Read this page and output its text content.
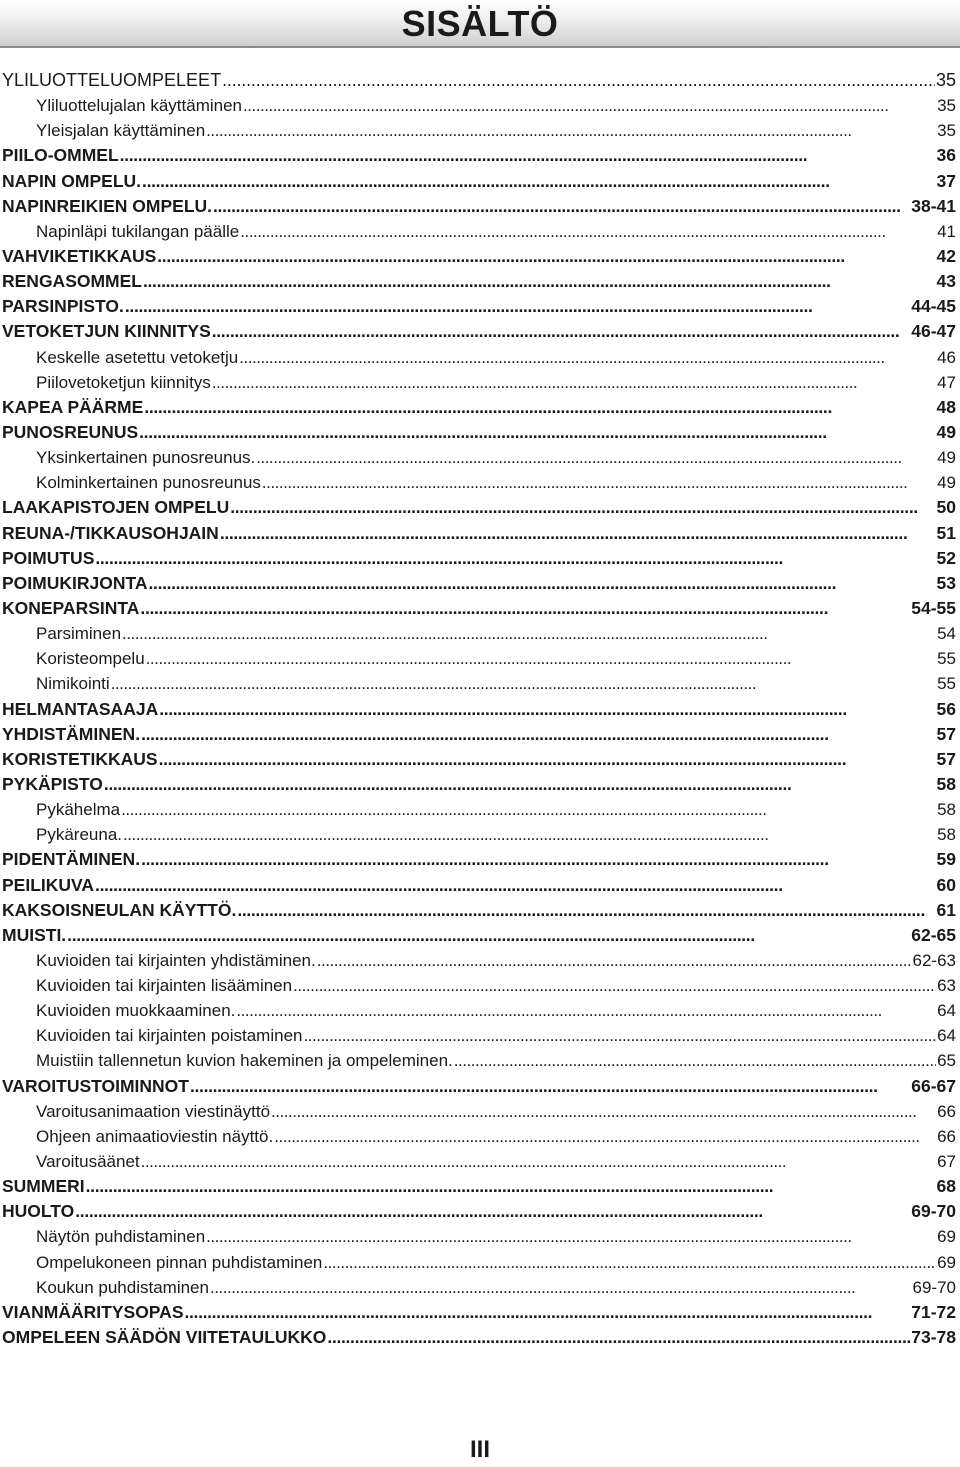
SISÄLTÖ
YLILUOTTELUOMPELEET . . .	35
Yliluottelujalan käyttäminen . . .	35
Yleisjalan käyttäminen . . .	35
PIILO-OMMEL . . .	36
NAPIN OMPELU. . . .	37
NAPINREIKIEN OMPELU. . . .	38-41
Napinläpi tukilangan päälle . . .	41
VAHVIKETIKKAUS . . .	42
RENGASOMMEL . . .	43
PARSINPISTO. . . .	44-45
VETOKETJUN KIINNITYS . . .	46-47
Keskelle asetettu vetoketju . . .	46
Piilovetoketjun kiinnitys . . .	47
KAPEA PÄÄRME . . .	48
PUNOSREUNUS . . .	49
Yksinkertainen punosreunus. . . .	49
Kolminkertainen punosreunus . . .	49
LAAKAPISTOJEN OMPELU . . .	50
REUNA-/TIKKAUSOHJAIN . . .	51
POIMUTUS . . .	52
POIMUKIRJONTA . . .	53
KONEPARSINTA . . .	54-55
Parsiminen . . .	54
Koristeompelu . . .	55
Nimikointi . . .	55
HELMANTASAAJA . . .	56
YHDISTÄMINEN. . . .	57
KORISTETIKKAUS . . .	57
PYKÄPISTO . . .	58
Pykähelma . . .	58
Pykäreuna. . . .	58
PIDENTÄMINEN. . . .	59
PEILIKUVA . . .	60
KAKSOISNEULAN KÄYTTÖ. . . .	61
MUISTI. . . .	62-65
Kuvioiden tai kirjainten yhdistäminen. . . .	62-63
Kuvioiden tai kirjainten lisääminen . . .	63
Kuvioiden muokkaaminen. . . .	64
Kuvioiden tai kirjainten poistaminen . . .	64
Muistiin tallennetun kuvion hakeminen ja ompeleminen. . . .	65
VAROITUSTOIMINNOT . . .	66-67
Varoitusanimaation viestinäyttö . . .	66
Ohjeen animaatioviestin näyttö. . . .	66
Varoitusäänet . . .	67
SUMMERI . . .	68
HUOLTO . . .	69-70
Näytön puhdistaminen . . .	69
Ompelukoneen pinnan puhdistaminen . . .	69
Koukun puhdistaminen . . .	69-70
VIANMÄÄRITYSOPAS . . .	71-72
OMPELEEN SÄÄDÖN VIITETAULUKKO . . .	73-78
III
